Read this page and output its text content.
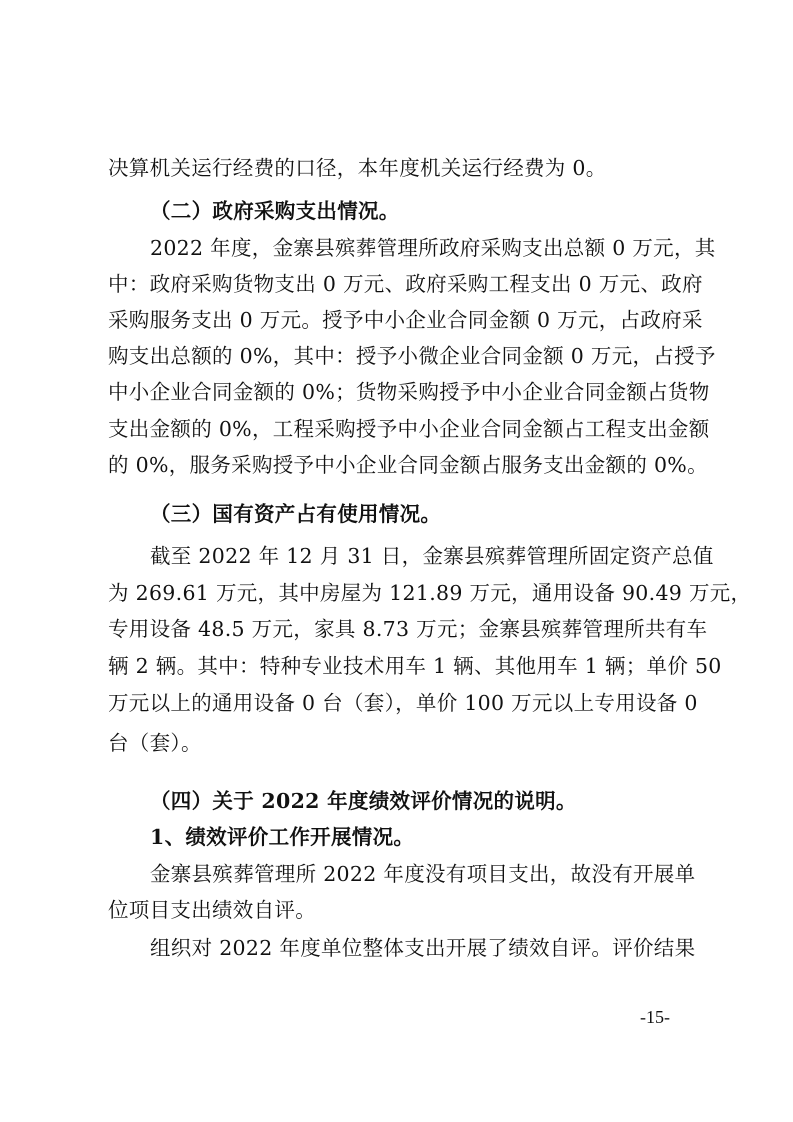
决算机关运行经费的口径，本年度机关运行经费为 0。
（二）政府采购支出情况。
2022 年度，金寨县殡葬管理所政府采购支出总额 0 万元，其
中：政府采购货物支出 0 万元、政府采购工程支出 0 万元、政府
采购服务支出 0 万元。授予中小企业合同金额 0 万元，占政府采
购支出总额的 0%，其中：授予小微企业合同金额 0 万元，占授予
中小企业合同金额的 0%；货物采购授予中小企业合同金额占货物
支出金额的 0%，工程采购授予中小企业合同金额占工程支出金额
的 0%，服务采购授予中小企业合同金额占服务支出金额的 0%。
（三）国有资产占有使用情况。
截至 2022 年 12 月 31 日，金寨县殡葬管理所固定资产总值
为 269.61 万元，其中房屋为 121.89 万元，通用设备 90.49 万元，
专用设备 48.5 万元，家具 8.73 万元；金寨县殡葬管理所共有车
辆 2 辆。其中：特种专业技术用车 1 辆、其他用车 1 辆；单价 50
万元以上的通用设备 0 台（套），单价 100 万元以上专用设备 0
台（套）。
（四）关于 2022 年度绩效评价情况的说明。
1、绩效评价工作开展情况。
金寨县殡葬管理所 2022 年度没有项目支出，故没有开展单
位项目支出绩效自评。
组织对 2022 年度单位整体支出开展了绩效自评。评价结果
-15-
